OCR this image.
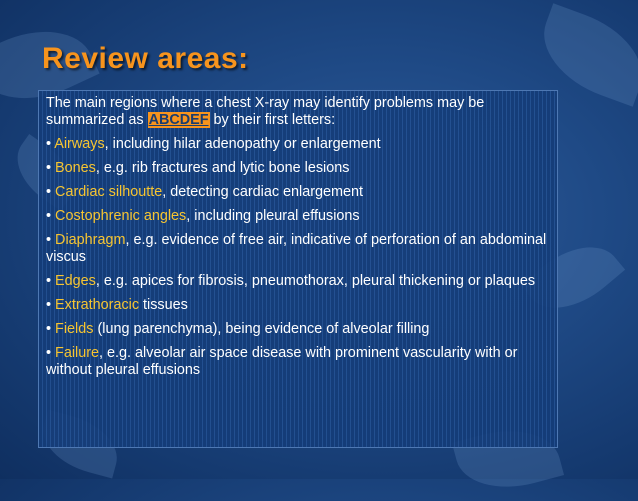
Review areas:

The main regions where a chest X-ray may identify problems may be summarized as ABCDEF by their first letters:

• Airways, including hilar adenopathy or enlargement

• Bones, e.g. rib fractures and lytic bone lesions

• Cardiac silhoutte, detecting cardiac enlargement

• Costophrenic angles, including pleural effusions

• Diaphragm, e.g. evidence of free air, indicative of perforation of an abdominal viscus

• Edges, e.g. apices for fibrosis, pneumothorax, pleural thickening or plaques

• Extrathoracic tissues

• Fields (lung parenchyma), being evidence of alveolar filling

• Failure, e.g. alveolar air space disease with prominent vascularity with or without pleural effusions
